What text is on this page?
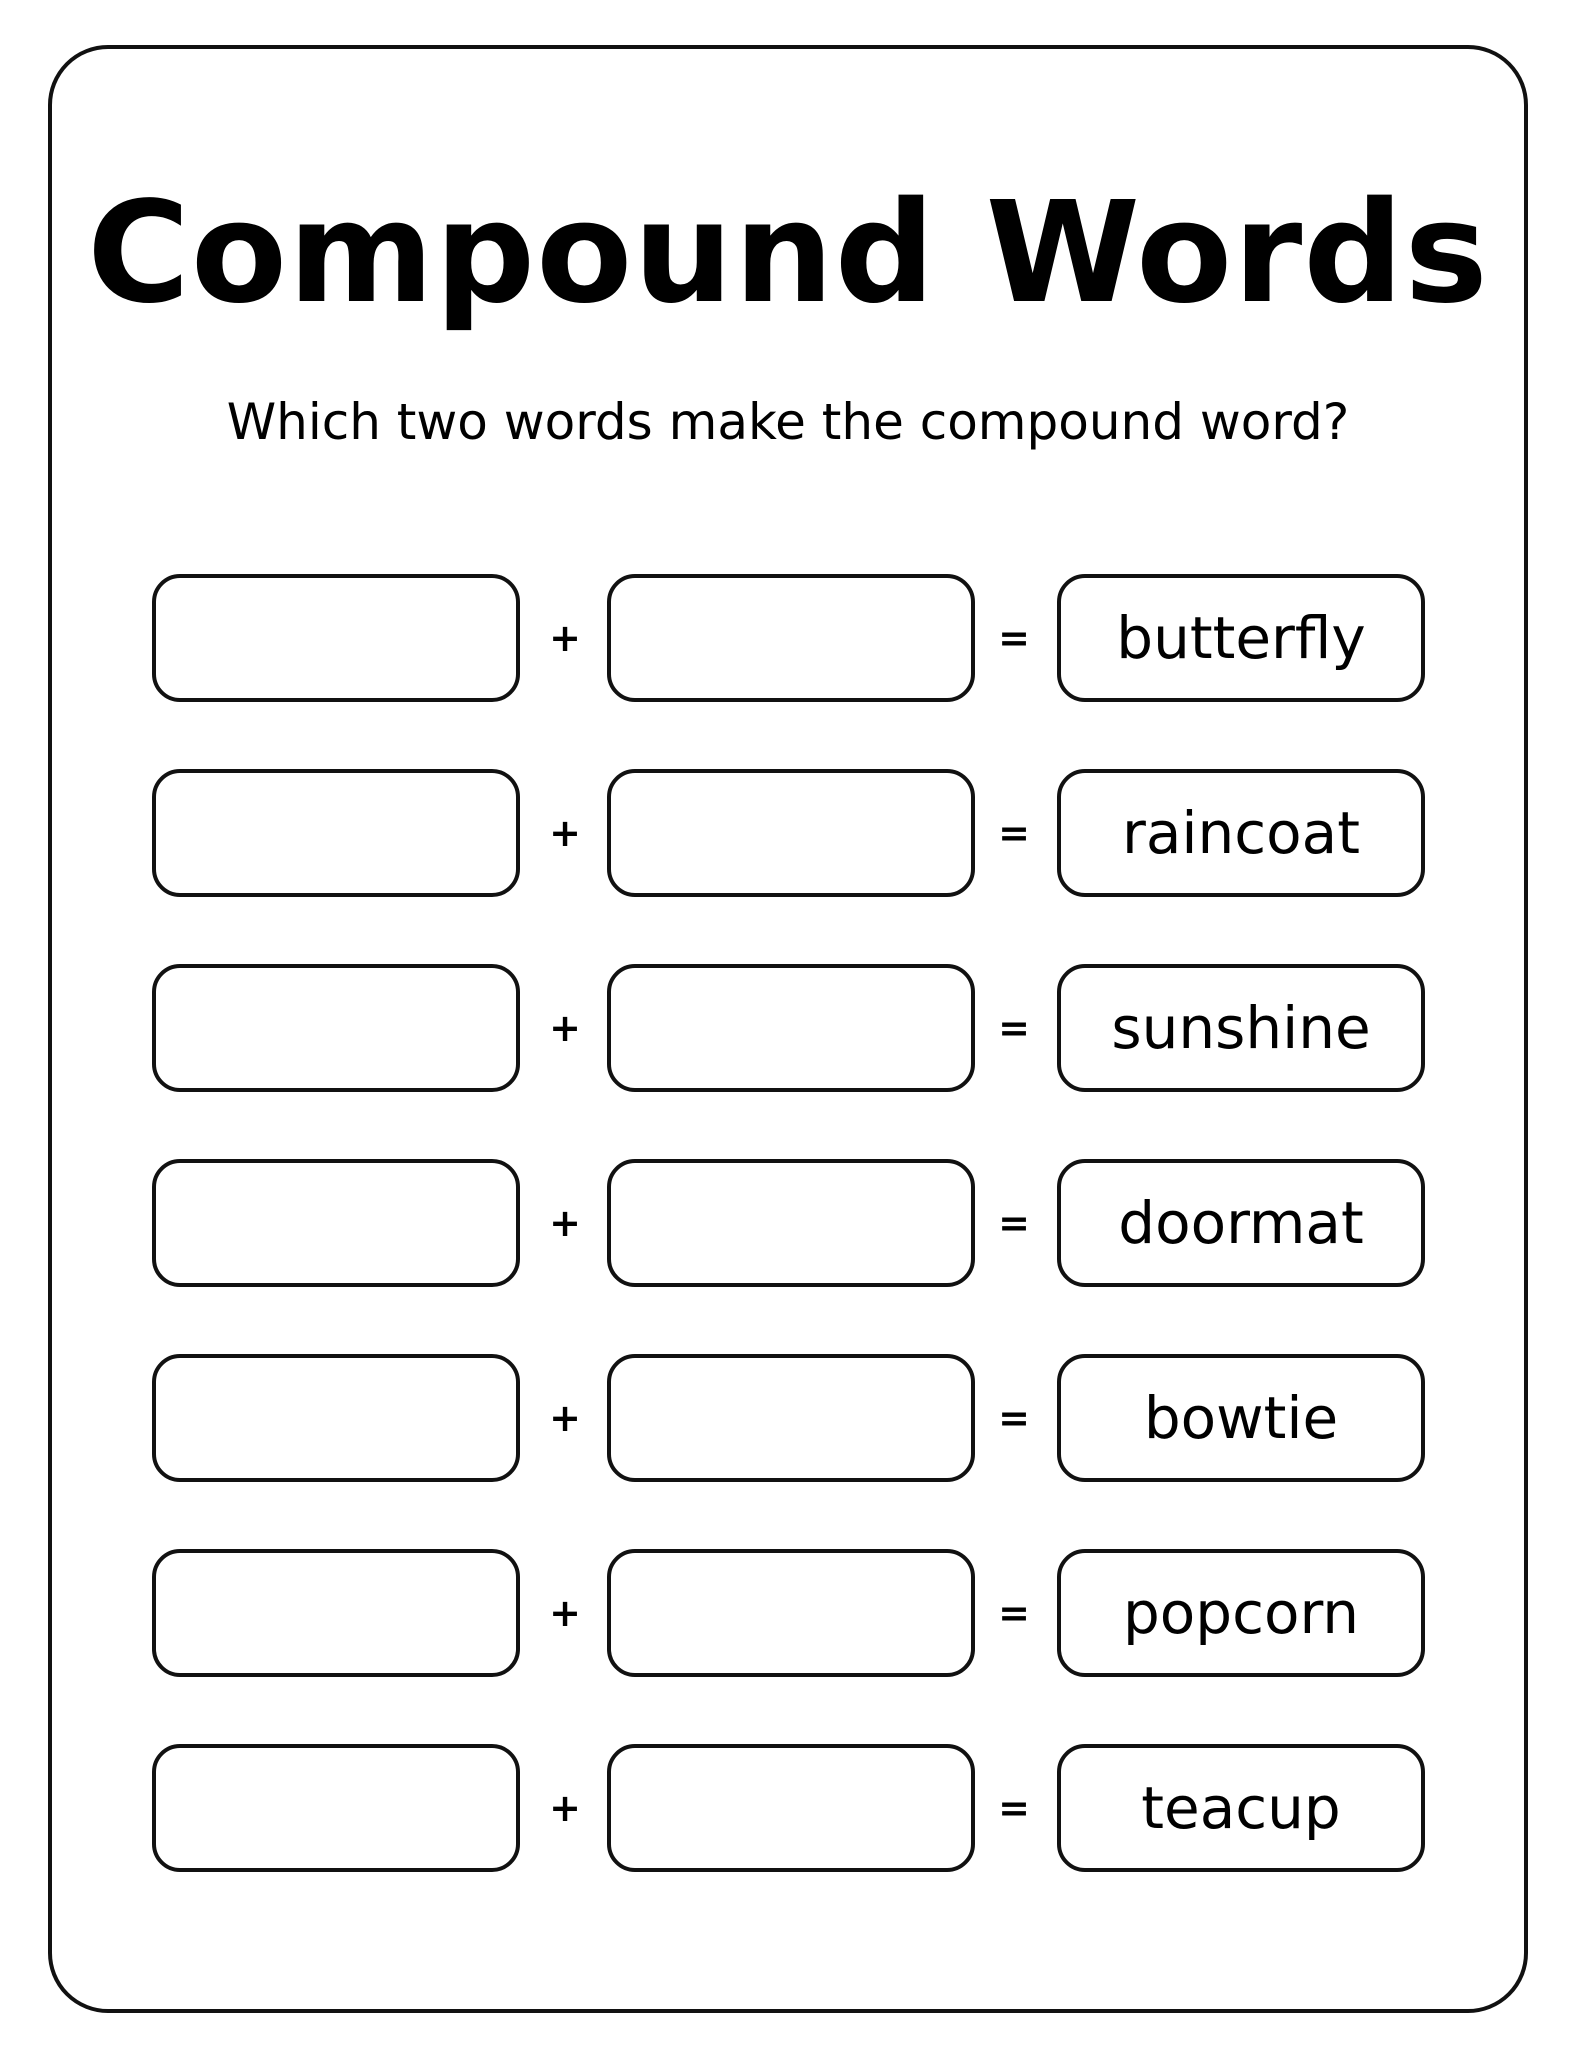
Compound Words
Which two words make the compound word?
+	= butterfly
+	= raincoat
+	= sunshine
+	= doormat
+	= bowtie
+	= popcorn
+	= teacup
